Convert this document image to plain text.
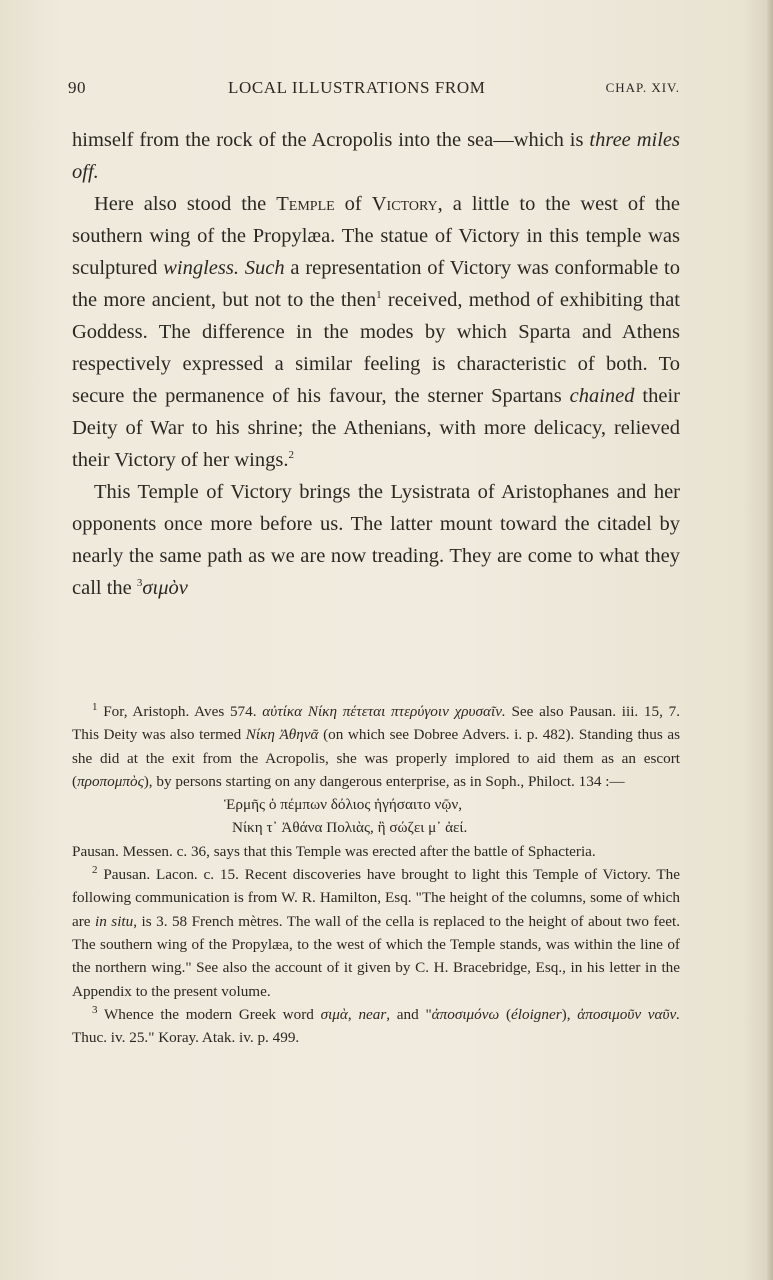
90	LOCAL ILLUSTRATIONS FROM	CHAP. XIV.

himself from the rock of the Acropolis into the sea—which is three miles off.

Here also stood the Temple of Victory, a little to the west of the southern wing of the Propylæa. The statue of Victory in this temple was sculptured wingless. Such a representation of Victory was conformable to the more ancient, but not to the then$^1$ received, method of exhibiting that Goddess. The difference in the modes by which Sparta and Athens respectively expressed a similar feeling is characteristic of both. To secure the permanence of his favour, the sterner Spartans chained their Deity of War to his shrine; the Athenians, with more delicacy, relieved their Victory of her wings.$^2$

This Temple of Victory brings the Lysistrata of Aristophanes and her opponents once more before us. The latter mount toward the citadel by nearly the same path as we are now treading. They are come to what they call the $^3$σιμὸν

$^1$ For, Aristoph. Aves 574. αὐτίκα Νίκη πέτεται πτερύγοιν χρυσαῖν. See also Pausan. iii. 15, 7. This Deity was also termed Νίκη Ἀθηνᾶ (on which see Dobree Advers. i. p. 482). Standing thus as she did at the exit from the Acropolis, she was properly implored to aid them as an escort (προπομπὸς), by persons starting on any dangerous enterprise, as in Soph., Philoct. 134 :—

Ἑρμῆς ὁ πέμπων δόλιος ἡγήσαιτο νῷν,

Νίκη τ᾽ Ἀθάνα Πολιὰς, ἣ σώζει μ᾽ ἀεί.

Pausan. Messen. c. 36, says that this Temple was erected after the battle of Sphacteria.

$^2$ Pausan. Lacon. c. 15. Recent discoveries have brought to light this Temple of Victory. The following communication is from W. R. Hamilton, Esq. "The height of the columns, some of which are in situ, is 3. 58 French mètres. The wall of the cella is replaced to the height of about two feet. The southern wing of the Propylæa, to the west of which the Temple stands, was within the line of the northern wing." See also the account of it given by C. H. Bracebridge, Esq., in his letter in the Appendix to the present volume.

$^3$ Whence the modern Greek word σιμὰ, near, and "ἀποσιμόνω (éloigner), ἀποσιμοῦν ναῦν. Thuc. iv. 25." Koray. Atak. iv. p. 499.
